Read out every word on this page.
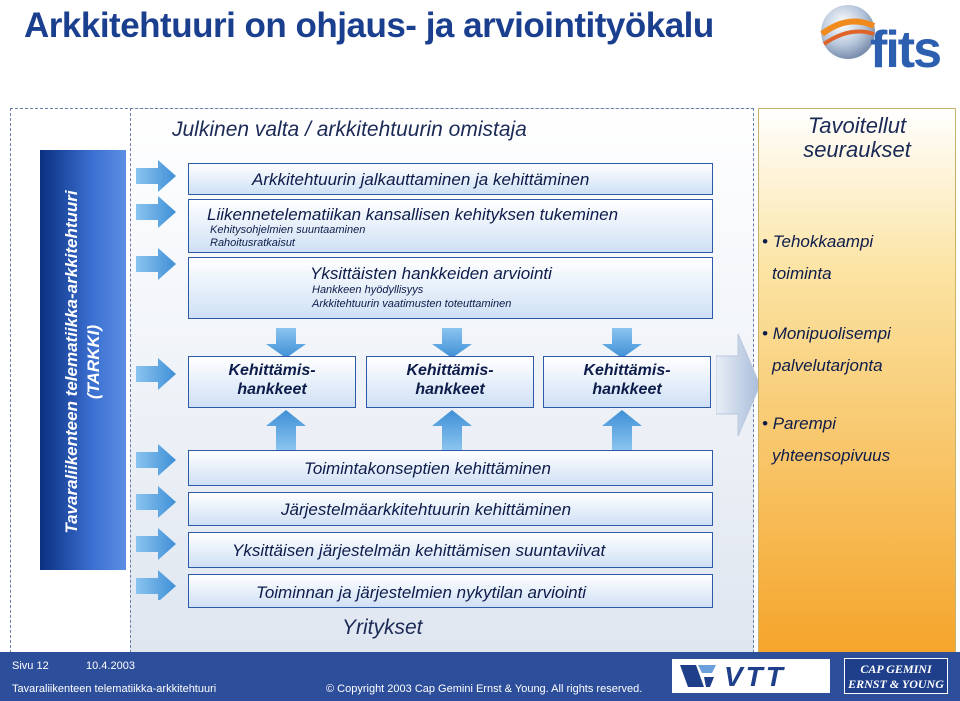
Arkkitehtuuri on ohjaus- ja arviointityökalu	fits
Tavaraliikenteen telematiikka-arkkitehtuuri (TARKKI)
Julkinen valta / arkkitehtuurin omistaja
Arkkitehtuurin jalkauttaminen ja kehittäminen
Liikennetelematiikan kansallisen kehityksen tukeminen
Kehitysohjelmien suuntaaminen
Rahoitusratkaisut
Yksittäisten hankkeiden arviointi
Hankkeen hyödyllisyys
Arkkitehtuurin vaatimusten toteuttaminen
Kehittämis-
hankkeet
Kehittämis-
hankkeet
Kehittämis-
hankkeet
Toimintakonseptien kehittäminen
Järjestelmäarkkitehtuurin kehittäminen
Yksittäisen järjestelmän kehittämisen suuntaviivat
Toiminnan ja järjestelmien nykytilan arviointi
Yritykset
Tavoitellut
seuraukset
• Tehokkaampi
toiminta
• Monipuolisempi
palvelutarjonta
• Parempi
yhteensopivuus
Sivu 12	10.4.2003
Tavaraliikenteen telematiikka-arkkitehtuuri	© Copyright 2003 Cap Gemini Ernst & Young. All rights reserved.	VTT	CAP GEMINI
ERNST & YOUNG
